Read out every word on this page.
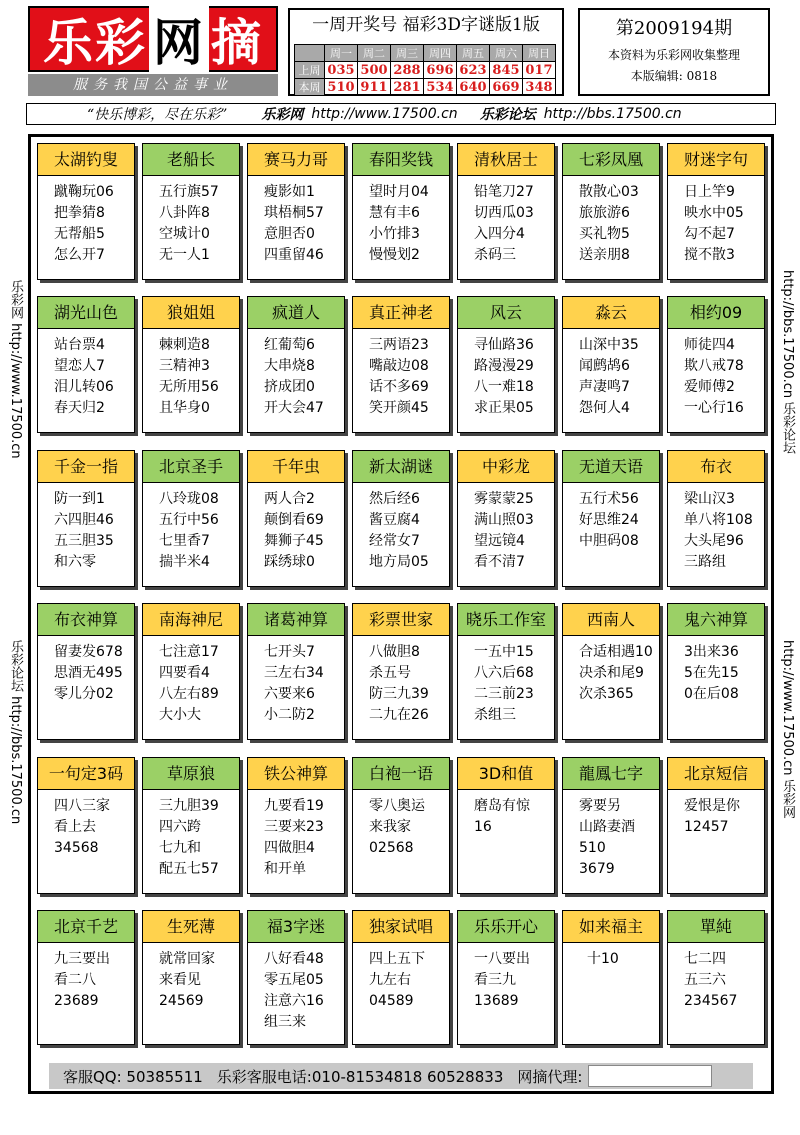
乐 彩 网 摘
服务我国公益事业
一周开奖号 福彩3D字谜版1版
	周一	周二	周三	周四	周五	周六	周日
上周	035	500	288	696	623	845	017
本周	510	911	281	534	640	669	348
第2009194期
本资料为乐彩网收集整理
本版编辑: 0818
“快乐博彩，尽在乐彩” 乐彩网 http://www.17500.cn 乐彩论坛 http://bbs.17500.cn
乐彩网 http://www.17500.cn
乐彩论坛 http://bbs.17500.cn
http://bbs.17500.cn 乐彩论坛
http://www.17500.cn 乐彩网
客服QQ: 50385511 乐彩客服电话:010-81534818 60528833 网摘代理:
太湖钓叟
蹴鞠玩06
把拳猜8
无帮船5
怎么开7
老船长
五行旗57
八卦阵8
空城计0
无一人1
赛马力哥
瘦影如1
琪梧桐57
意胆否0
四重留46
春阳奖钱
望时月04
慧有丰6
小竹排3
慢慢划2
清秋居士
铅笔刀27
切西瓜03
入四分4
杀码三
七彩凤凰
散散心03
旅旅游6
买礼物5
送亲朋8
财迷字句
日上竿9
映水中05
勾不起7
搅不散3
湖光山色
站台票4
望恋人7
泪儿转06
春天归2
狼姐姐
棘刺造8
三精神3
无所用56
且华身0
疯道人
红葡萄6
大串烧8
挤成团0
开大会47
真正神老
三两语23
嘴敲边08
话不多69
笑开颜45
风云
寻仙路36
路漫漫29
八一难18
求正果05
淼云
山深中35
闻鹧鸪6
声凄鸣7
怨何人4
相约09
师徒四4
欺八戒78
爱师傅2
一心行16
千金一指
防一到1
六四胆46
五三胆35
和六零
北京圣手
八玲珑08
五行中56
七里香7
揣半米4
千年虫
两人合2
颠倒看69
舞狮子45
踩绣球0
新太湖谜
然后经6
酱豆腐4
经常女7
地方局05
中彩龙
雾蒙蒙25
满山照03
望远镜4
看不清7
无道天语
五行术56
好思维24
中胆码08
布衣
梁山汉3
单八将108
大头尾96
三路组
布衣神算
留妻发678
思酒无495
零儿分02
南海神尼
七注意17
四要看4
八左右89
大小大
诸葛神算
七开头7
三左右34
六要来6
小二防2
彩票世家
八做胆8
杀五号
防三九39
二九在26
晓乐工作室
一五中15
八六后68
二三前23
杀组三
西南人
合适相遇10
决杀和尾9
次杀365
鬼六神算
3出来36
5在先15
0在后08
一句定3码
四八三家
看上去
34568
草原狼
三九胆39
四六跨
七九和
配五七57
铁公神算
九要看19
三要来23
四做胆4
和开单
白袍一语
零八奥运
来我家
02568
3D和值
磨岛有惊
16
龍鳳七字
雾要另
山路妻酒
510
3679
北京短信
爱恨是你
12457
北京千艺
九三要出
看二八
23689
生死薄
就常回家
来看见
24569
福3字迷
八好看48
零五尾05
注意六16
组三来
独家试唱
四上五下
九左右
04589
乐乐开心
一八要出
看三九
13689
如来福主
十10
單純
七二四
五三六
234567
